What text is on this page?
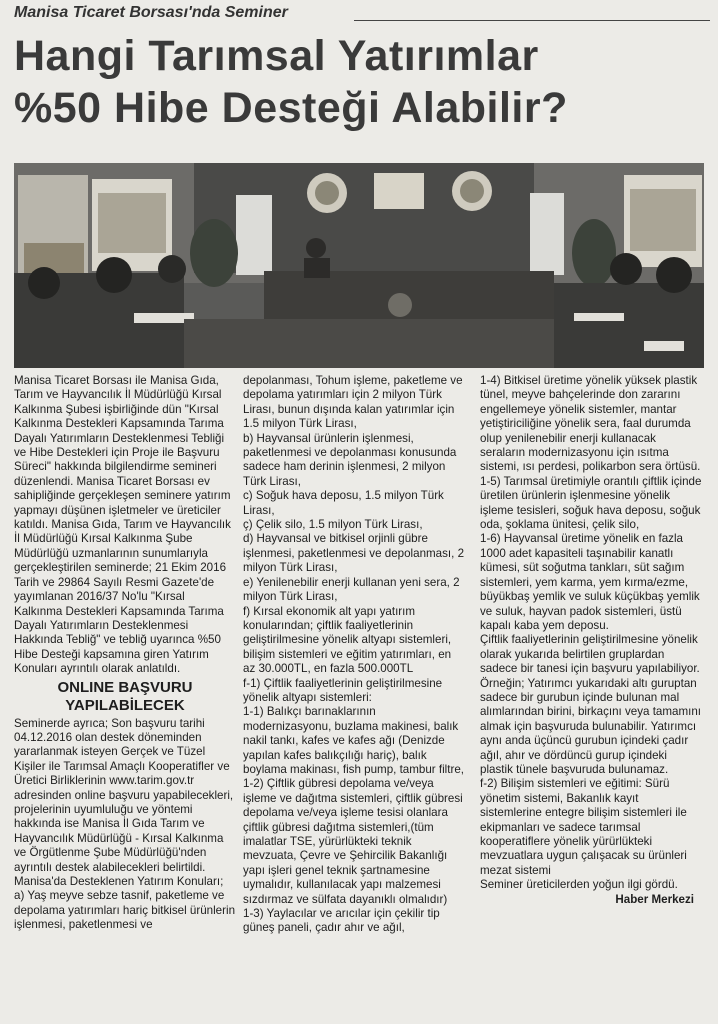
Manisa Ticaret Borsası'nda Seminer
Hangi Tarımsal Yatırımlar
%50 Hibe Desteği Alabilir?

Manisa Ticaret Borsası ile Manisa Gıda, Tarım ve Hayvancılık İl Müdürlüğü Kırsal Kalkınma Şubesi işbirliğinde dün "Kırsal Kalkınma Destekleri Kapsamında Tarıma Dayalı Yatırımların Desteklenmesi Tebliği ve Hibe Destekleri için Proje ile Başvuru Süreci" hakkında bilgilendirme semineri düzenlendi. Manisa Ticaret Borsası ev sahipliğinde gerçekleşen seminere yatırım yapmayı düşünen işletmeler ve üreticiler katıldı. Manisa Gıda, Tarım ve Hayvancılık İl Müdürlüğü Kırsal Kalkınma Şube Müdürlüğü uzmanlarının sunumlarıyla gerçekleştirilen seminerde; 21 Ekim 2016 Tarih ve 29864 Sayılı Resmi Gazete'de yayımlanan 2016/37 No'lu "Kırsal Kalkınma Destekleri Kapsamında Tarıma Dayalı Yatırımların Desteklenmesi Hakkında Tebliğ" ve tebliğ uyarınca %50 Hibe Desteği kapsamına giren Yatırım Konuları ayrıntılı olarak anlatıldı.

ONLINE BAŞVURU
YAPILABİLECEK

Seminerde ayrıca; Son başvuru tarihi 04.12.2016 olan destek döneminden yararlanmak isteyen Gerçek ve Tüzel Kişiler ile Tarımsal Amaçlı Kooperatifler ve Üretici Birliklerinin www.tarim.gov.tr adresinden online başvuru yapabilecekleri, projelerinin uyumluluğu ve yöntemi hakkında ise Manisa İl Gıda Tarım ve Hayvancılık Müdürlüğü - Kırsal Kalkınma ve Örgütlenme Şube Müdürlüğü'nden ayrıntılı destek alabilecekleri belirtildi.

Manisa'da Desteklenen Yatırım Konuları;

a) Yaş meyve sebze tasnif, paketleme ve depolama yatırımları hariç bitkisel ürünlerin işlenmesi, paketlenmesi ve

depolanması, Tohum işleme, paketleme ve depolama yatırımları için 2 milyon Türk Lirası, bunun dışında kalan yatırımlar için 1.5 milyon Türk Lirası,

b) Hayvansal ürünlerin işlenmesi, paketlenmesi ve depolanması konusunda sadece ham derinin işlenmesi, 2 milyon Türk Lirası,

c) Soğuk hava deposu, 1.5 milyon Türk Lirası,

ç) Çelik silo, 1.5 milyon Türk Lirası,

d) Hayvansal ve bitkisel orjinli gübre işlenmesi, paketlenmesi ve depolanması, 2 milyon Türk Lirası,

e) Yenilenebilir enerji kullanan yeni sera, 2 milyon Türk Lirası,

f) Kırsal ekonomik alt yapı yatırım konularından; çiftlik faaliyetlerinin geliştirilmesine yönelik altyapı sistemleri, bilişim sistemleri ve eğitim yatırımları, en az 30.000TL, en fazla 500.000TL

f-1) Çiftlik faaliyetlerinin geliştirilmesine yönelik altyapı sistemleri:

1-1) Balıkçı barınaklarının modernizasyonu, buzlama makinesi, balık nakil tankı, kafes ve kafes ağı (Denizde yapılan kafes balıkçılığı hariç), balık boylama makinası, fish pump, tambur filtre,

1-2) Çiftlik gübresi depolama ve/veya işleme ve dağıtma sistemleri, çiftlik gübresi depolama ve/veya işleme tesisi olanlara çiftlik gübresi dağıtma sistemleri,(tüm imalatlar TSE, yürürlükteki teknik mevzuata, Çevre ve Şehircilik Bakanlığı yapı işleri genel teknik şartnamesine uymalıdır, kullanılacak yapı malzemesi sızdırmaz ve sülfata dayanıklı olmalıdır)

1-3) Yaylacılar ve arıcılar için çekilir tip güneş paneli, çadır ahır ve ağıl,

1-4) Bitkisel üretime yönelik yüksek plastik tünel, meyve bahçelerinde don zararını engellemeye yönelik sistemler, mantar yetiştiriciliğine yönelik sera, faal durumda olup yenilenebilir enerji kullanacak seraların modernizasyonu için ısıtma sistemi, ısı perdesi, polikarbon sera örtüsü.

1-5) Tarımsal üretimiyle orantılı çiftlik içinde üretilen ürünlerin işlenmesine yönelik işleme tesisleri, soğuk hava deposu, soğuk oda, şoklama ünitesi, çelik silo,

1-6) Hayvansal üretime yönelik en fazla 1000 adet kapasiteli taşınabilir kanatlı kümesi, süt soğutma tankları, süt sağım sistemleri, yem karma, yem kırma/ezme, büyükbaş yemlik ve suluk küçükbaş yemlik ve suluk, hayvan padok sistemleri, üstü kapalı kaba yem deposu.

Çiftlik faaliyetlerinin geliştirilmesine yönelik olarak yukarıda belirtilen gruplardan sadece bir tanesi için başvuru yapılabiliyor.

Örneğin; Yatırımcı yukarıdaki altı guruptan sadece bir gurubun içinde bulunan mal alımlarından birini, birkaçını veya tamamını almak için başvuruda bulunabilir. Yatırımcı aynı anda üçüncü gurubun içindeki çadır ağıl, ahır ve dördüncü gurup içindeki plastik tünele başvuruda bulunamaz.

f-2) Bilişim sistemleri ve eğitimi: Sürü yönetim sistemi, Bakanlık kayıt sistemlerine entegre bilişim sistemleri ile ekipmanları ve sadece tarımsal kooperatiflere yönelik yürürlükteki mevzuatlara uygun çalışacak su ürünleri mezat sistemi

Seminer üreticilerden yoğun ilgi gördü.

Haber Merkezi
